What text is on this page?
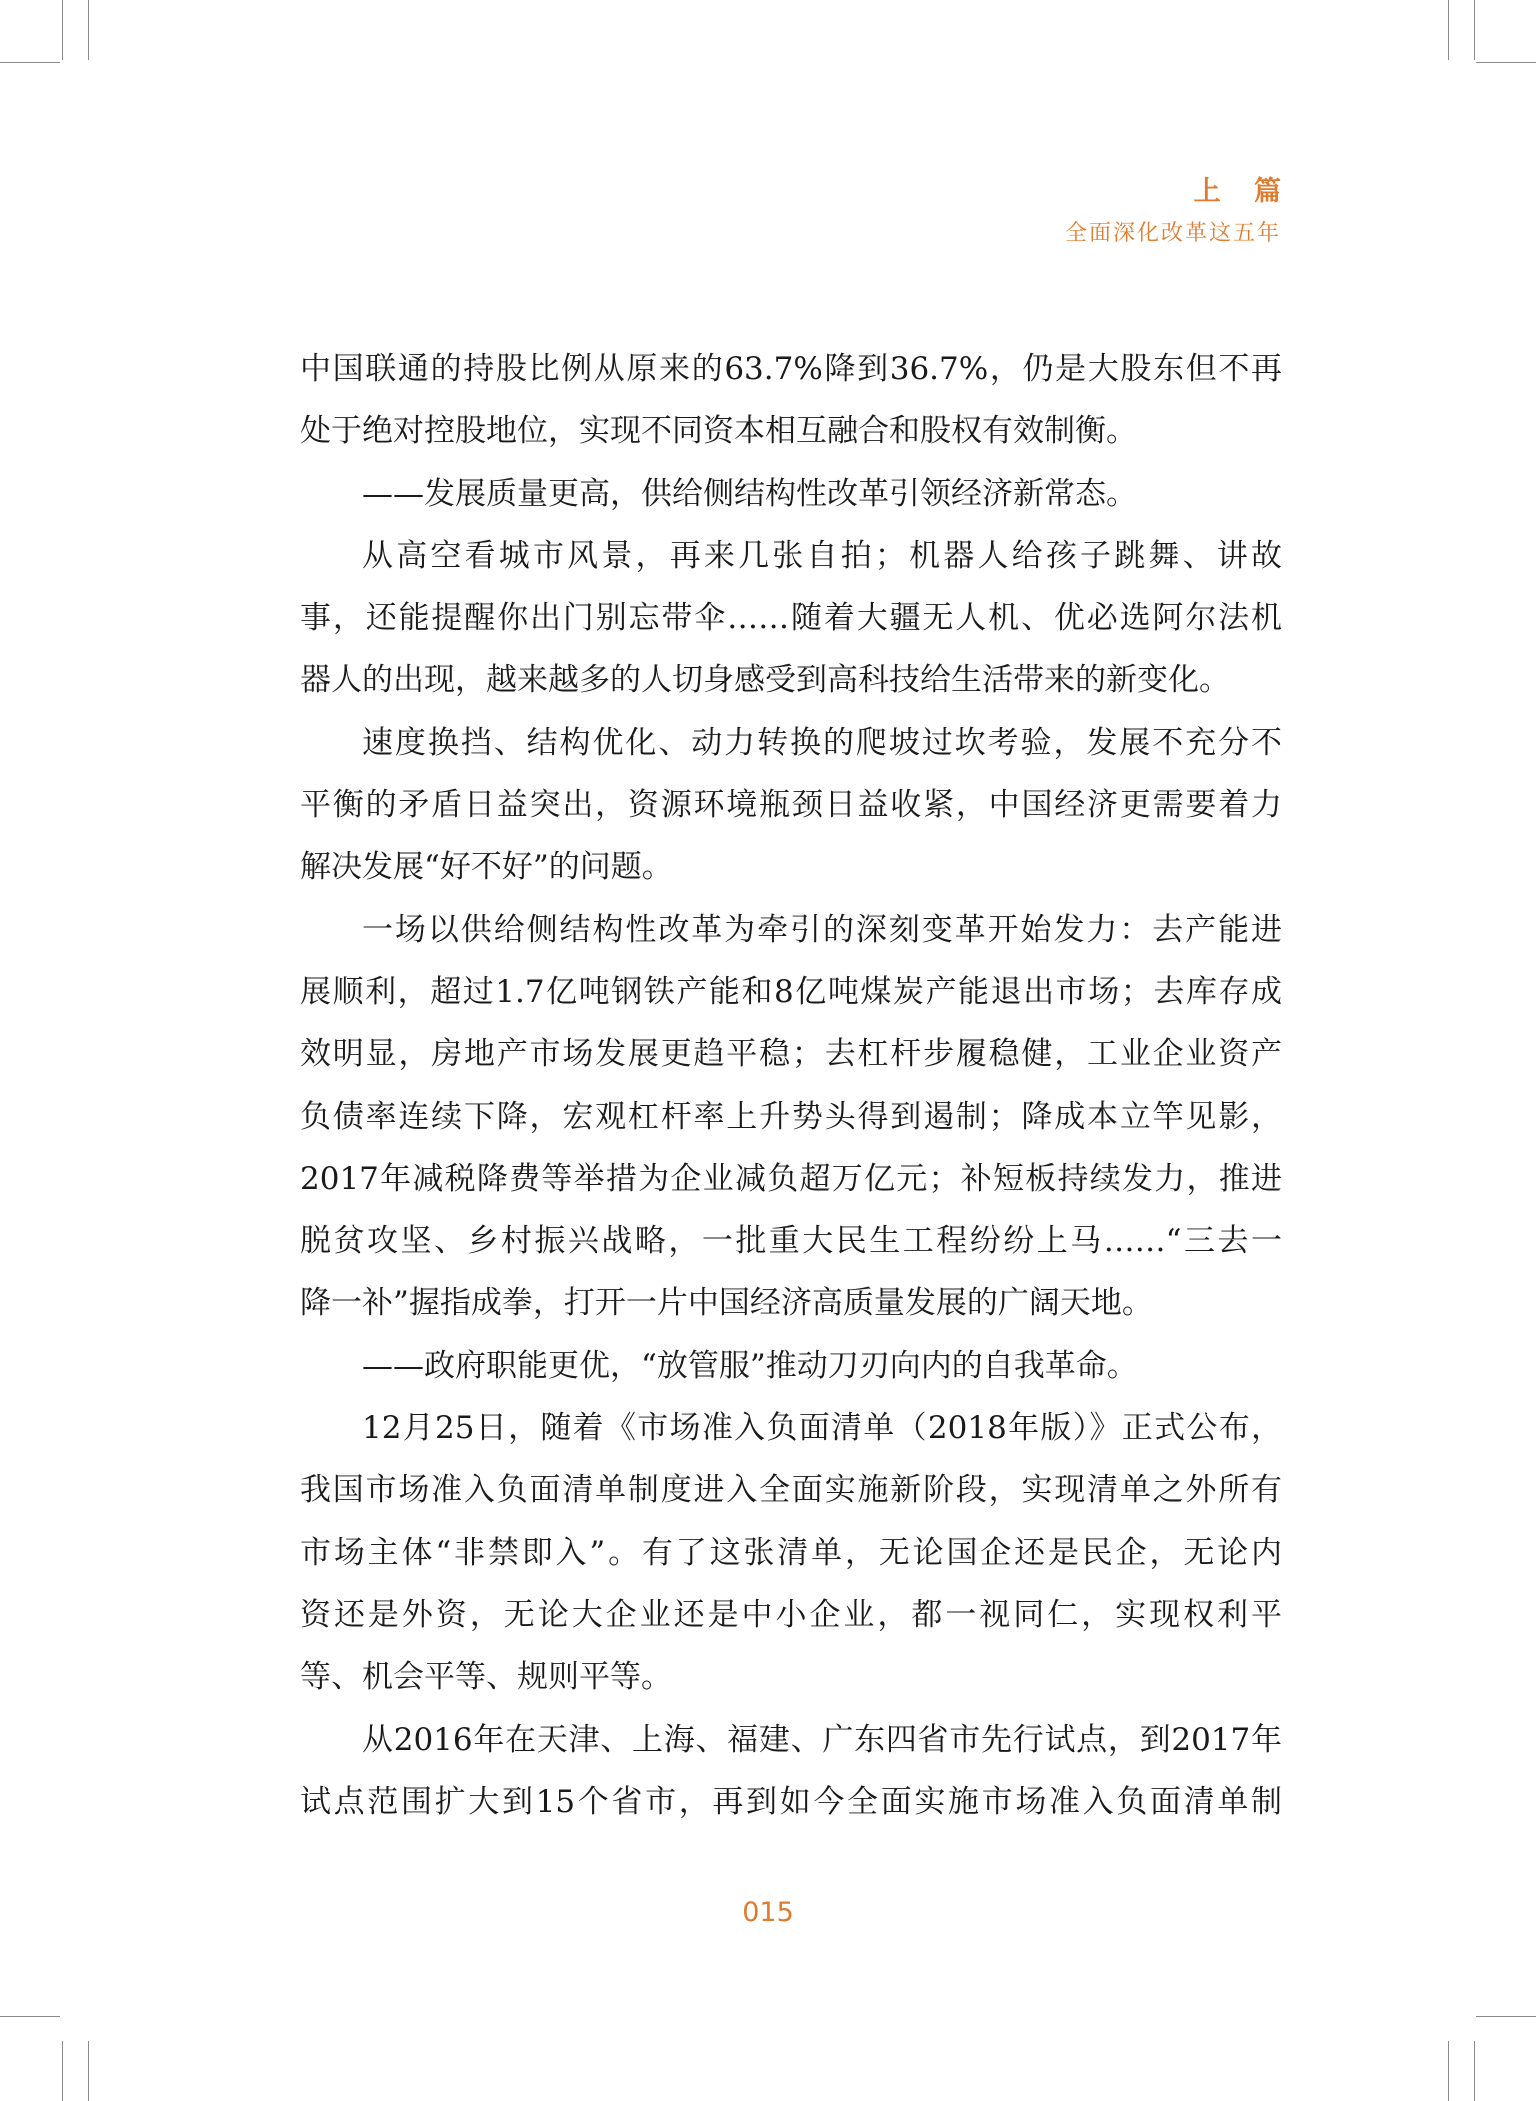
上 篇
全面深化改革这五年
中国联通的持股比例从原来的63.7%降到36.7%，仍是大股东但不再
处于绝对控股地位，实现不同资本相互融合和股权有效制衡。
——发展质量更高，供给侧结构性改革引领经济新常态。
从高空看城市风景，再来几张自拍；机器人给孩子跳舞、讲故
事，还能提醒你出门别忘带伞……随着大疆无人机、优必选阿尔法机
器人的出现，越来越多的人切身感受到高科技给生活带来的新变化。
速度换挡、结构优化、动力转换的爬坡过坎考验，发展不充分不
平衡的矛盾日益突出，资源环境瓶颈日益收紧，中国经济更需要着力
解决发展“好不好”的问题。
一场以供给侧结构性改革为牵引的深刻变革开始发力：去产能进
展顺利，超过1.7亿吨钢铁产能和8亿吨煤炭产能退出市场；去库存成
效明显，房地产市场发展更趋平稳；去杠杆步履稳健，工业企业资产
负债率连续下降，宏观杠杆率上升势头得到遏制；降成本立竿见影，
2017年减税降费等举措为企业减负超万亿元；补短板持续发力，推进
脱贫攻坚、乡村振兴战略，一批重大民生工程纷纷上马……“三去一
降一补”握指成拳，打开一片中国经济高质量发展的广阔天地。
——政府职能更优，“放管服”推动刀刃向内的自我革命。
12月25日，随着《市场准入负面清单（2018年版）》正式公布，
我国市场准入负面清单制度进入全面实施新阶段，实现清单之外所有
市场主体“非禁即入”。有了这张清单，无论国企还是民企，无论内
资还是外资，无论大企业还是中小企业，都一视同仁，实现权利平
等、机会平等、规则平等。
从2016年在天津、上海、福建、广东四省市先行试点，到2017年
试点范围扩大到15个省市，再到如今全面实施市场准入负面清单制
015
